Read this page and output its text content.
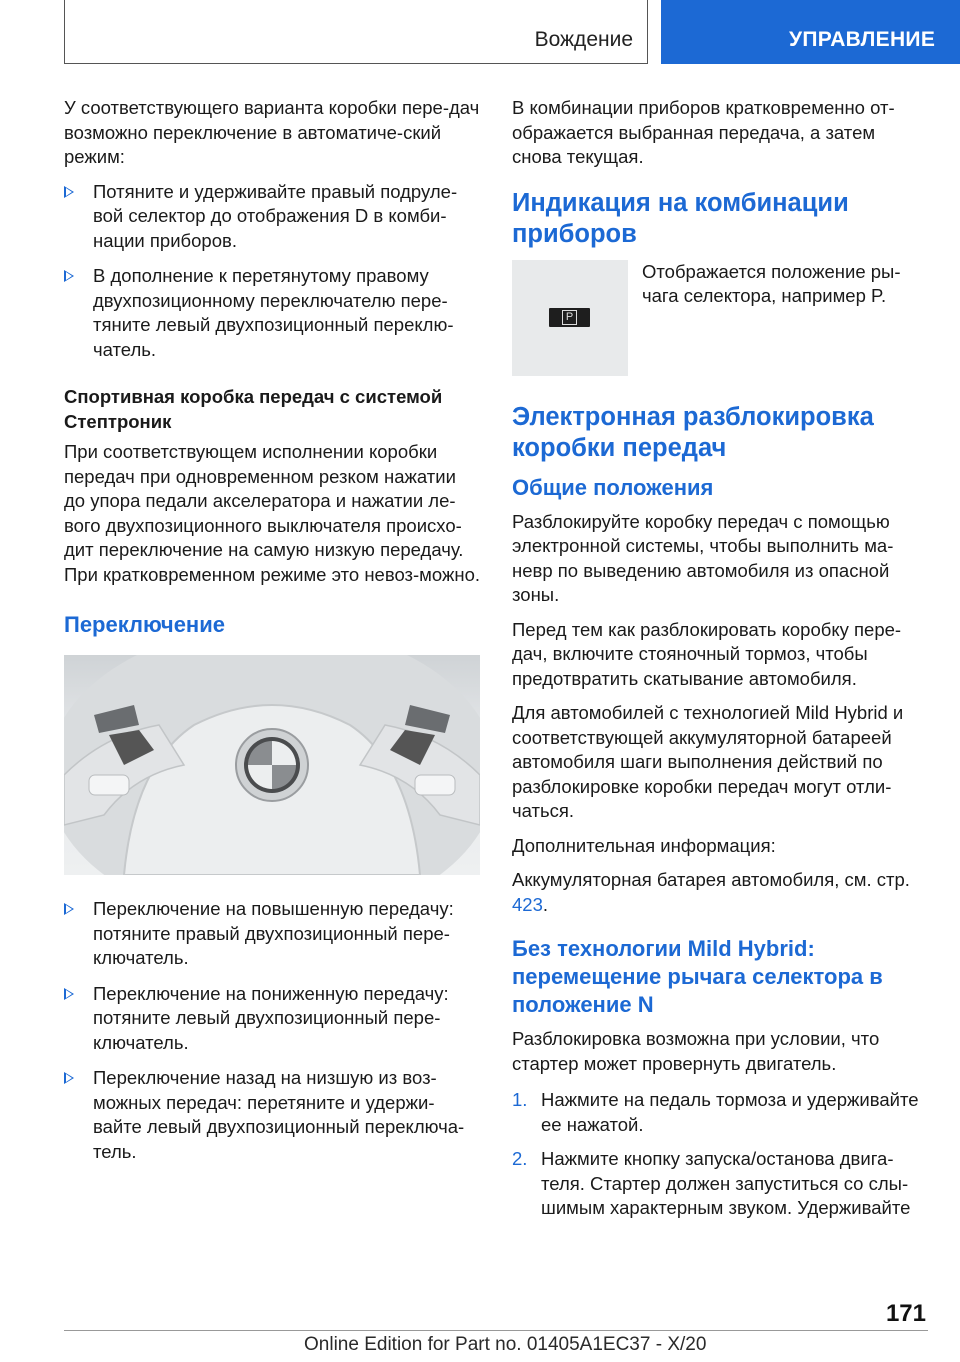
Вождение	УПРАВЛЕНИЕ

У соответствующего варианта коробки пере-дач возможно переключение в автоматиче-ский режим:

Потяните и удерживайте правый подруле-вой селектор до отображения D в комби-нации приборов.
В дополнение к перетянутому правому двухпозиционному переключателю пере-тяните левый двухпозиционный переклю-чатель.
Спортивная коробка передач с системой Стептроник

При соответствующем исполнении коробки передач при одновременном резком нажатии до упора педали акселератора и нажатии ле-вого двухпозиционного выключателя происхо-дит переключение на самую низкую передачу. При кратковременном режиме это невоз-можно.

Переключение
Переключение на повышенную передачу: потяните правый двухпозиционный пере-ключатель.
Переключение на пониженную передачу: потяните левый двухпозиционный пере-ключатель.
Переключение назад на низшую из воз-можных передач: перетяните и удержи-вайте левый двухпозиционный переключа-тель.

В комбинации приборов кратковременно от-ображается выбранная передача, а затем снова текущая.

Индикация на комбинации приборов
P

Отображается положение ры-чага селектора, например P.

Электронная разблокировка коробки передач
Общие положения

Разблокируйте коробку передач с помощью электронной системы, чтобы выполнить ма-невр по выведению автомобиля из опасной зоны.

Перед тем как разблокировать коробку пере-дач, включите стояночный тормоз, чтобы предотвратить скатывание автомобиля.

Для автомобилей с технологией Mild Hybrid и соответствующей аккумуляторной батареей автомобиля шаги выполнения действий по разблокировке коробки передач могут отли-чаться.

Дополнительная информация:

Аккумуляторная батарея автомобиля, см. стр. 423.

Без технологии Mild Hybrid: перемещение рычага селектора в положение N

Разблокировка возможна при условии, что стартер может провернуть двигатель.

1. Нажмите на педаль тормоза и удерживайте ее нажатой.
2. Нажмите кнопку запуска/останова двига-теля. Стартер должен запуститься со слы-шимым характерным звуком. Удерживайте
171
Online Edition for Part no. 01405A1EC37 - X/20
